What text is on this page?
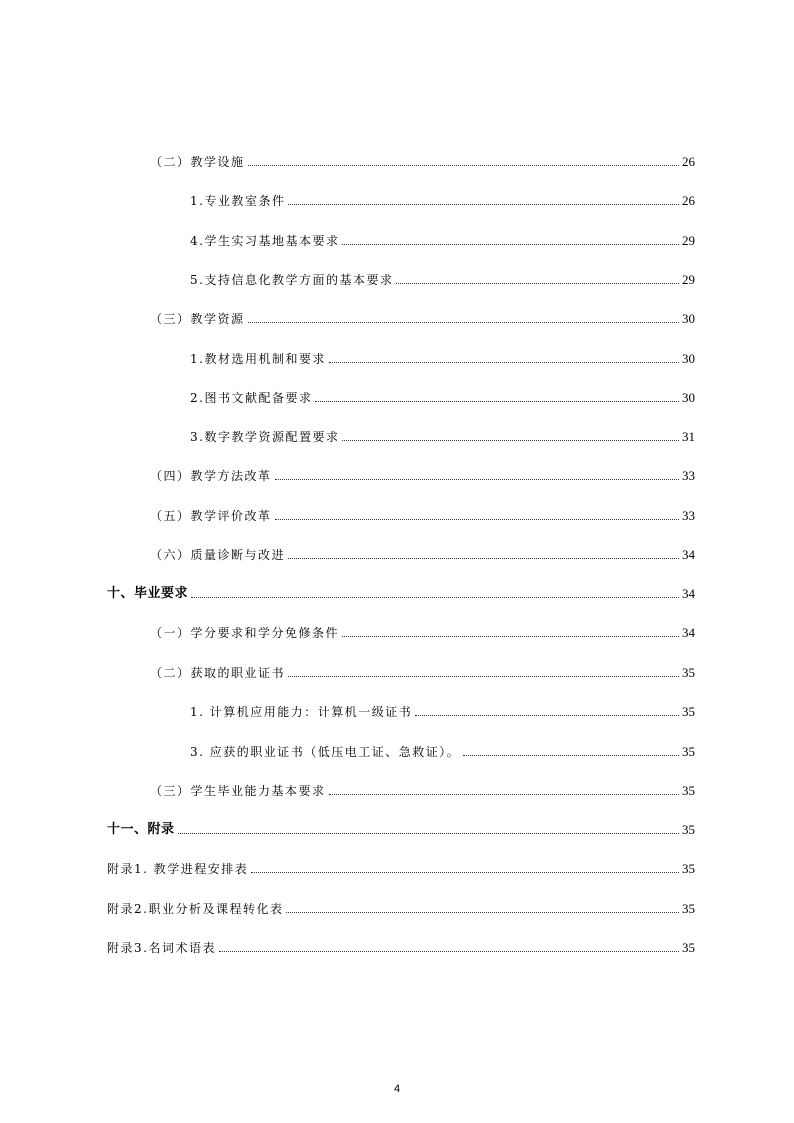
（二）教学设施	26
1.专业教室条件	26
4.学生实习基地基本要求	29
5.支持信息化教学方面的基本要求	29
（三）教学资源	30
1.教材选用机制和要求	30
2.图书文献配备要求	30
3.数字教学资源配置要求	31
（四）教学方法改革	33
（五）教学评价改革	33
（六）质量诊断与改进	34
十、毕业要求	34
（一）学分要求和学分免修条件	34
（二）获取的职业证书	35
1. 计算机应用能力：计算机一级证书	35
3. 应获的职业证书（低压电工证、急救证）。	35
（三）学生毕业能力基本要求	35
十一、附录	35
附录1. 教学进程安排表	35
附录2.职业分析及课程转化表	35
附录3.名词术语表	35
4
